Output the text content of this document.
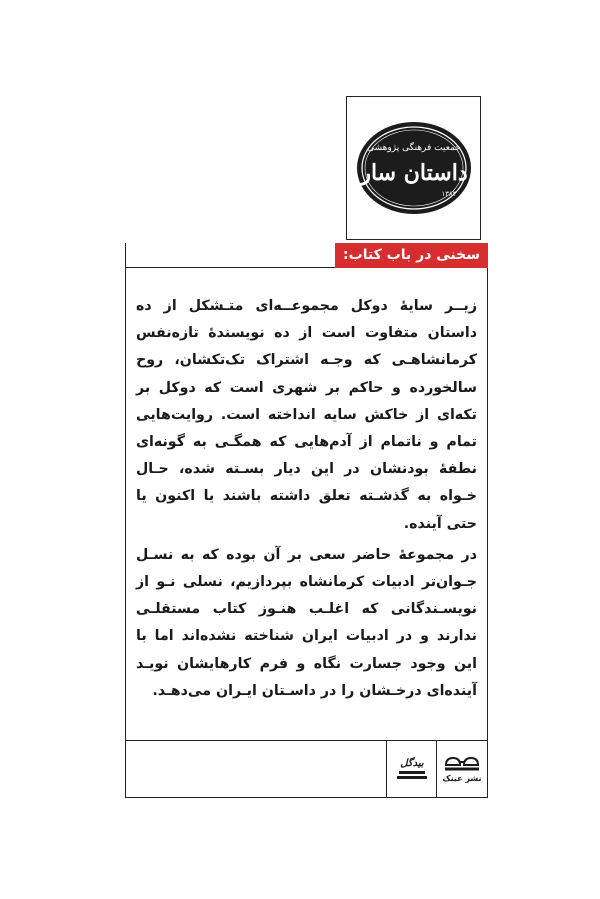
جمعیت فرهنگی پژوهشی
داستان سار
۱۳۸۴
سخنی در باب کتاب:

زیــر سایهٔ دوکل مجموعــه‌ای متـشکل از ده داستان متفاوت است از ده نویسندهٔ تازه‌نفس کرمانشاهـی که وجـه اشتراک تک‌تکشان، روح سالخورده و حاکم بر شهری است که دوکل بر تکه‌ای از خاکش سایه انداخته است. روایت‌هایی تمام و ناتمام از آدم‌هایی که همگـی به گونه‌ای نطفهٔ بودنشان در این دیار بسـته شده، حـال خـواه به گذشـته تعلق داشته باشند یا اکنون یا حتی آینده.

در مجموعهٔ حاضر سعی بر آن بوده که به نسـل جـوان‌تر ادبیات کرمانشاه بپردازیم، نسلی نـو از نویسـندگانی که اغلـب هنـوز کتاب مستقلـی ندارند و در ادبیات ایران شناخته نشده‌اند اما با این وجود جسارت نگاه و فرم کارهایشان نویـد آینده‌ای درخـشان را در داسـتان ایـران می‌دهـد.

نشر عینک
بیدگل
